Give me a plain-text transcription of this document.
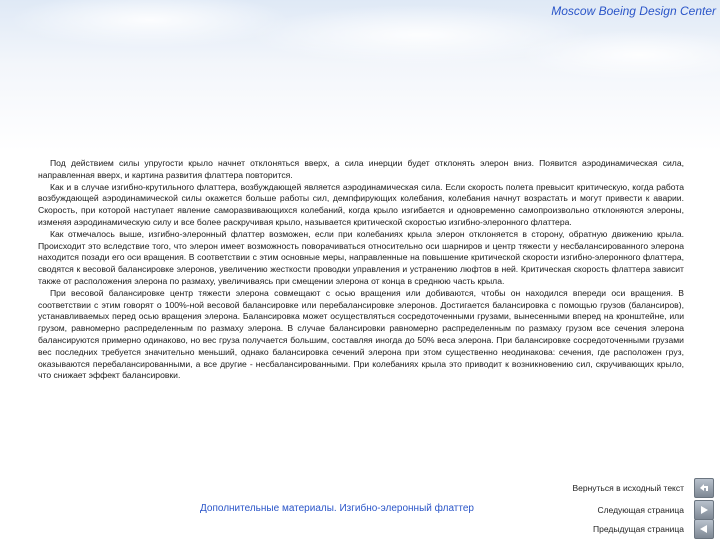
Moscow Boeing Design Center

Под действием силы упругости крыло начнет отклоняться вверх, а сила инерции будет отклонять элерон вниз. Появится аэродинамическая сила, направленная вверх, и картина развития флаттера повторится.

Как и в случае изгибно-крутильного флаттера, возбуждающей является аэродинамическая сила. Если скорость полета превысит критическую, когда работа возбуждающей аэродинамической силы окажется больше работы сил, демпфирующих колебания, колебания начнут возрастать и могут привести к аварии. Скорость, при которой наступает явление саморазвивающихся колебаний, когда крыло изгибается и одновременно самопроизвольно отклоняются элероны, изменяя аэродинамическую силу и все более раскручивая крыло, называется критической скоростью изгибно-элеронного флаттера.

Как отмечалось выше, изгибно-элеронный флаттер возможен, если при колебаниях крыла элерон отклоняется в сторону, обратную движению крыла. Происходит это вследствие того, что элерон имеет возможность поворачиваться относительно оси шарниров и центр тяжести у несбалансированного элерона находится позади его оси вращения. В соответствии с этим основные меры, направленные на повышение критической скорости изгибно-элеронного флаттера, сводятся к весовой балансировке элеронов, увеличению жесткости проводки управления и устранению люфтов в ней. Критическая скорость флаттера зависит также от расположения элерона по размаху, увеличиваясь при смещении элерона от конца в среднюю часть крыла.

При весовой балансировке центр тяжести элерона совмещают с осью вращения или добиваются, чтобы он находился впереди оси вращения. В соответствии с этим говорят о 100%-ной весовой балансировке или перебалансировке элеронов. Достигается балансировка с помощью грузов (балансиров), устанавливаемых перед осью вращения элерона. Балансировка может осуществляться сосредоточенными грузами, вынесенными вперед на кронштейне, или грузом, равномерно распределенным по размаху элерона. В случае балансировки равномерно распределенным по размаху грузом все сечения элерона балансируются примерно одинаково, но вес груза получается большим, составляя иногда до 50% веса элерона. При балансировке сосредоточенными грузами вес последних требуется значительно меньший, однако балансировка сечений элерона при этом существенно неодинакова: сечения, где расположен груз, оказываются перебалансированными, а все другие - несбалансированными. При колебаниях крыла это приводит к возникновению сил, скручивающих крыло, что снижает эффект балансировки.

Дополнительные материалы. Изгибно-элеронный флаттер
Вернуться в исходный текст
Следующая страница
Предыдущая страница
